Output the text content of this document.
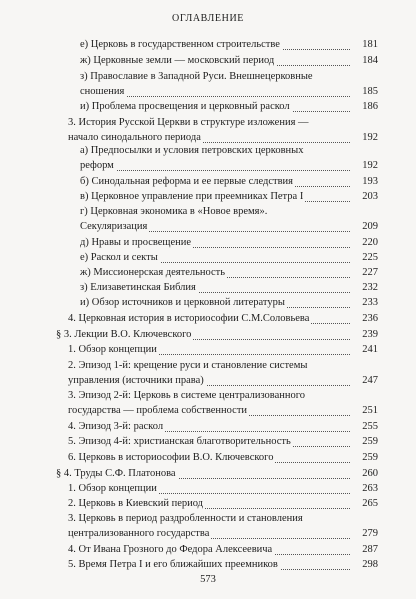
ОГЛАВЛЕНИЕ
е) Церковь в государственном строительстве	181
ж) Церковные земли — московский период	184
з) Православие в Западной Руси. Внешнецерковные
сношения	185
и) Проблема просвещения и церковный раскол	186
3. История Русской Церкви в структуре изложения —
начало синодального периода	192
а) Предпосылки и условия петровских церковных
реформ	192
б) Синодальная реформа и ее первые следствия	193
в) Церковное управление при преемниках Петра I	203
г) Церковная экономика в «Новое время».
Секуляризация	209
д) Нравы и просвещение	220
е) Раскол и секты	225
ж) Миссионерская деятельность	227
з) Елизаветинская Библия	232
и) Обзор источников и церковной литературы	233
4. Церковная история в историософии С.М.Соловьева	236
§ 3. Лекции В.О. Ключевского	239
1. Обзор концепции	241
2. Эпизод 1-й: крещение руси и становление системы
управления (источники права)	247
3. Эпизод 2-й: Церковь в системе централизованного
государства — проблема собственности	251
4. Эпизод 3-й: раскол	255
5. Эпизод 4-й: христианская благотворительность	259
6. Церковь в историософии В.О. Ключевского	259
§ 4. Труды С.Ф. Платонова	260
1. Обзор концепции	263
2. Церковь в Киевский период	265
3. Церковь в период раздробленности и становления
централизованного государства	279
4. От Ивана Грозного до Федора Алексеевича	287
5. Время Петра I и его ближайших преемников	298
573
